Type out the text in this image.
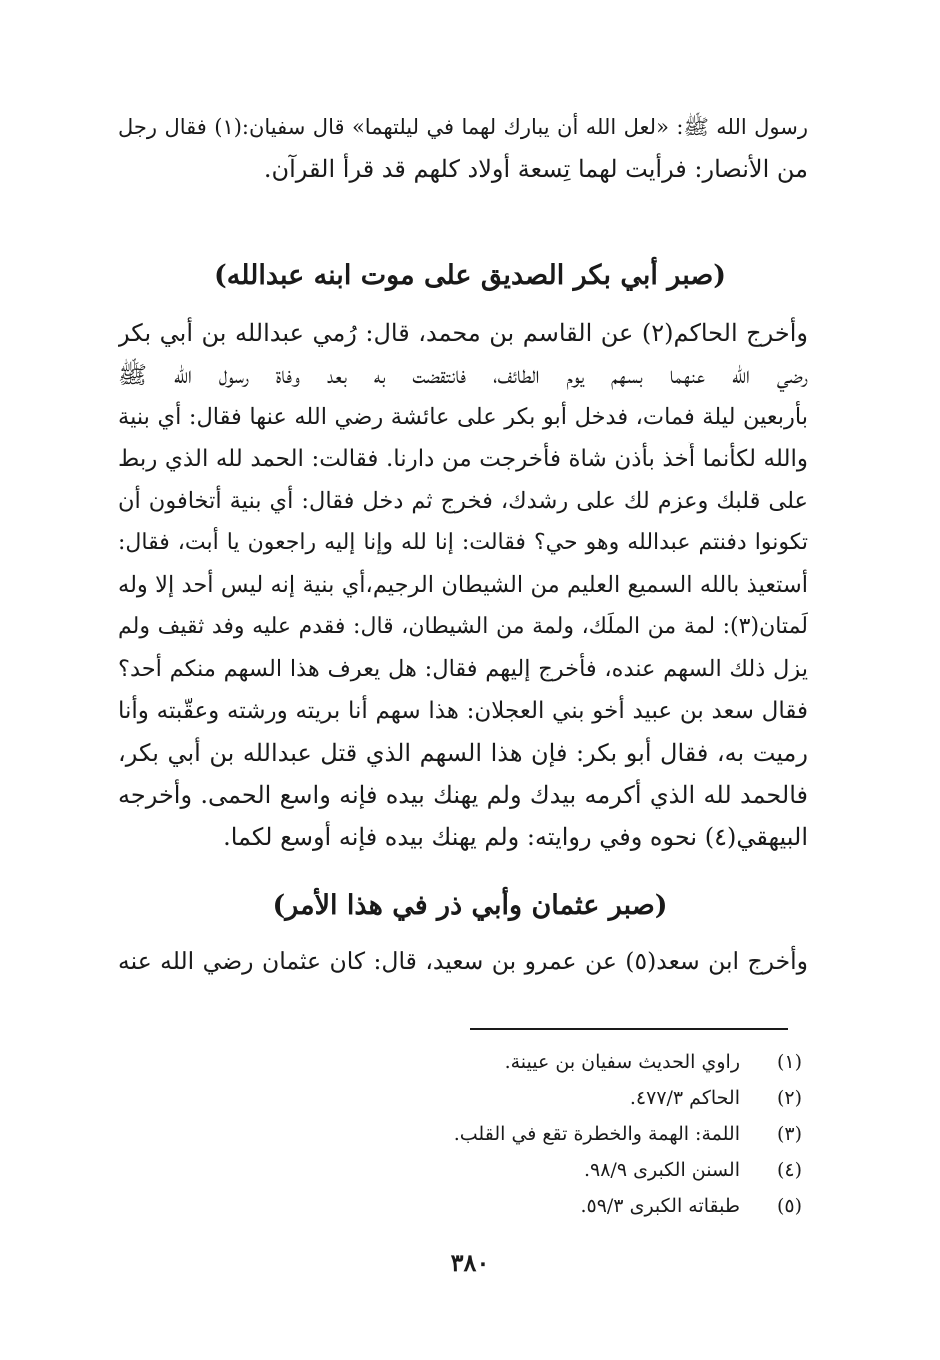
رسول الله ﷺ: «لعل الله أن يبارك لهما في ليلتهما» قال سفيان:(١) فقال رجل
من الأنصار: فرأيت لهما تِسعة أولاد كلهم قد قرأ القرآن.
(صبر أبي بكر الصديق على موت ابنه عبدالله)
وأخرج الحاكم(٢) عن القاسم بن محمد، قال: رُمي عبدالله بن أبي بكر
رضي الله عنهما بسهم يوم الطائف، فانتقضت به بعد وفاة رسول الله ﷺ
بأربعين ليلة فمات، فدخل أبو بكر على عائشة رضي الله عنها فقال: أي بنية
والله لكأنما أُخذ بأذن شاة فأخرجت من دارنا. فقالت: الحمد لله الذي ربط
على قلبك وعزم لك على رشدك، فخرج ثم دخل فقال: أي بنية أتخافون أن
تكونوا دفنتم عبدالله وهو حي؟ فقالت: إنا لله وإنا إليه راجعون يا أبت، فقال:
أستعيذ بالله السميع العليم من الشيطان الرجيم،أي بنية إنه ليس أحد إلا وله
لَمتان(٣): لمة من الملَك، ولمة من الشيطان، قال: فقدم عليه وفد ثقيف ولم
يزل ذلك السهم عنده، فأخرج إليهم فقال: هل يعرف هذا السهم منكم أحد؟
فقال سعد بن عبيد أخو بني العجلان: هذا سهم أنا بريته ورشته وعقّبته وأنا
رميت به، فقال أبو بكر: فإن هذا السهم الذي قتل عبدالله بن أبي بكر،
فالحمد لله الذي أكرمه بيدك ولم يهنك بيده فإنه واسع الحمى. وأخرجه
البيهقي(٤) نحوه وفي روايته: ولم يهنك بيده فإنه أوسع لكما.
(صبر عثمان وأبي ذر في هذا الأمر)
وأخرج ابن سعد(٥) عن عمرو بن سعيد، قال: كان عثمان رضي الله عنه
(١)راوي الحديث سفيان بن عيينة.
(٢)الحاكم ٤٧٧/٣.
(٣)اللمة: الهمة والخطرة تقع في القلب.
(٤)السنن الكبرى ٩٨/٩.
(٥)طبقاته الكبرى ٥٩/٣.
٣٨٠
